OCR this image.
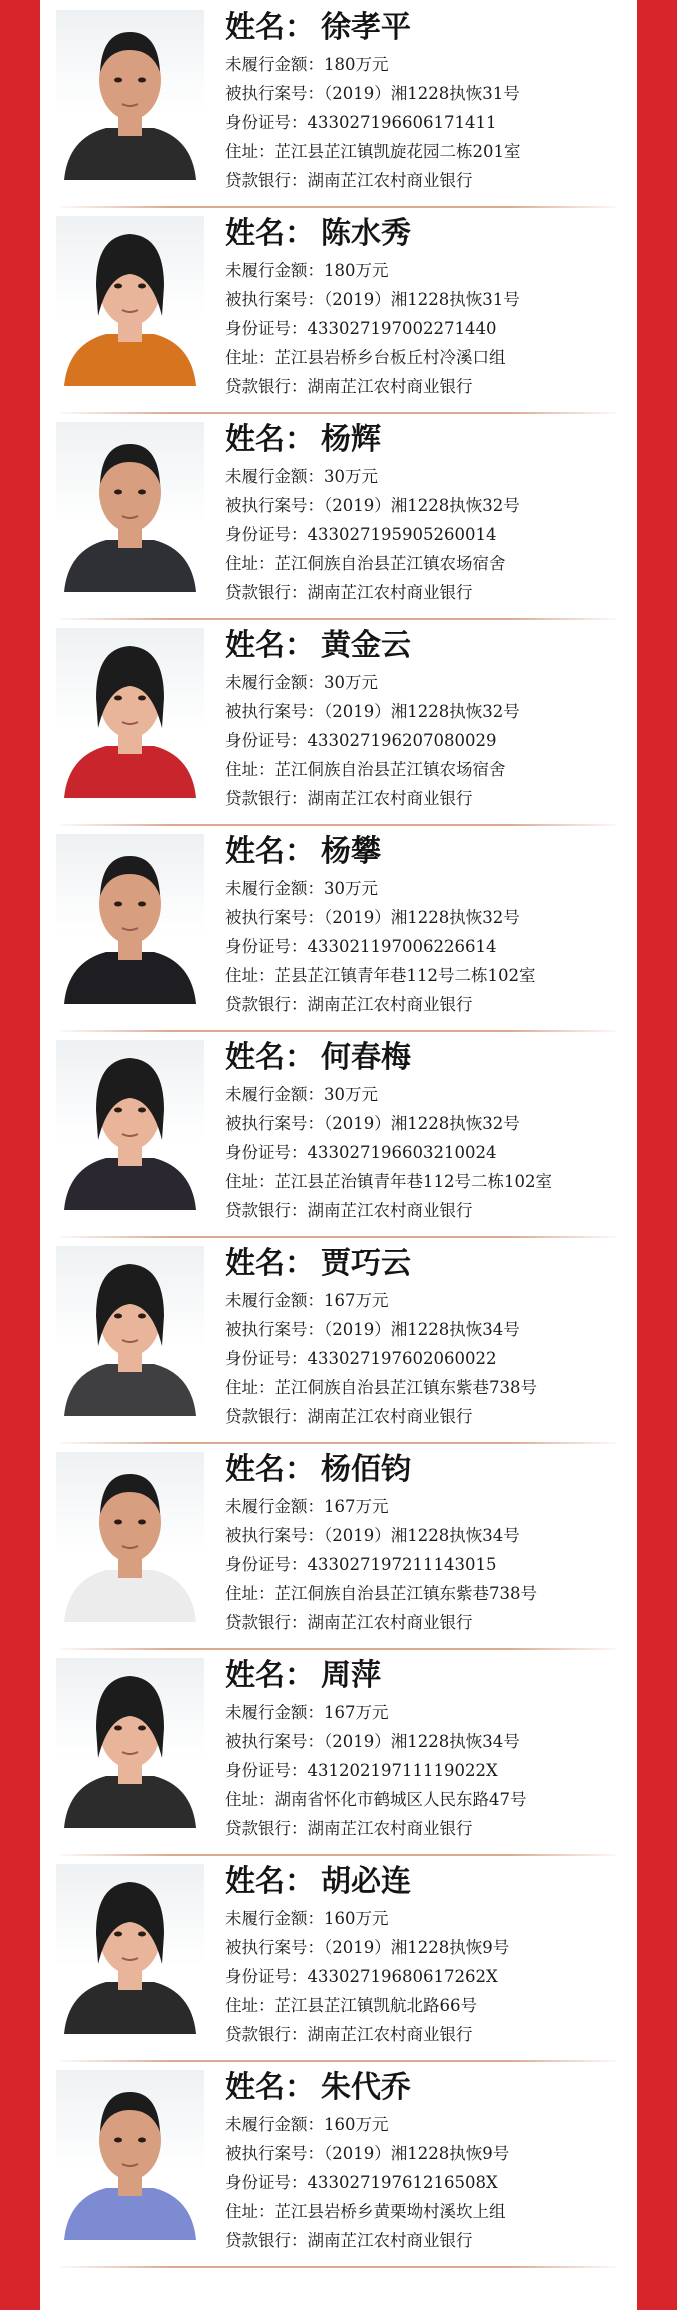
姓名： 徐孝平
未履行金额：180万元
被执行案号：（2019）湘1228执恢31号
身份证号：433027196606171411
住址：芷江县芷江镇凯旋花园二栋201室
贷款银行：湖南芷江农村商业银行
姓名： 陈水秀
未履行金额：180万元
被执行案号：（2019）湘1228执恢31号
身份证号：433027197002271440
住址：芷江县岩桥乡台板丘村冷溪口组
贷款银行：湖南芷江农村商业银行
姓名： 杨辉
未履行金额：30万元
被执行案号：（2019）湘1228执恢32号
身份证号：433027195905260014
住址：芷江侗族自治县芷江镇农场宿舍
贷款银行：湖南芷江农村商业银行
姓名： 黄金云
未履行金额：30万元
被执行案号：（2019）湘1228执恢32号
身份证号：433027196207080029
住址：芷江侗族自治县芷江镇农场宿舍
贷款银行：湖南芷江农村商业银行
姓名： 杨攀
未履行金额：30万元
被执行案号：（2019）湘1228执恢32号
身份证号：433021197006226614
住址：芷县芷江镇青年巷112号二栋102室
贷款银行：湖南芷江农村商业银行
姓名： 何春梅
未履行金额：30万元
被执行案号：（2019）湘1228执恢32号
身份证号：433027196603210024
住址：芷江县芷治镇青年巷112号二栋102室
贷款银行：湖南芷江农村商业银行
姓名： 贾巧云
未履行金额：167万元
被执行案号：（2019）湘1228执恢34号
身份证号：433027197602060022
住址：芷江侗族自治县芷江镇东紫巷738号
贷款银行：湖南芷江农村商业银行
姓名： 杨佰钧
未履行金额：167万元
被执行案号：（2019）湘1228执恢34号
身份证号：433027197211143015
住址：芷江侗族自治县芷江镇东紫巷738号
贷款银行：湖南芷江农村商业银行
姓名： 周萍
未履行金额：167万元
被执行案号：（2019）湘1228执恢34号
身份证号：43120219711119022X
住址：湖南省怀化市鹤城区人民东路47号
贷款银行：湖南芷江农村商业银行
姓名： 胡必连
未履行金额：160万元
被执行案号：（2019）湘1228执恢9号
身份证号：43302719680617262X
住址：芷江县芷江镇凯航北路66号
贷款银行：湖南芷江农村商业银行
姓名： 朱代乔
未履行金额：160万元
被执行案号：（2019）湘1228执恢9号
身份证号：43302719761216508X
住址：芷江县岩桥乡黄栗坳村溪坎上组
贷款银行：湖南芷江农村商业银行
